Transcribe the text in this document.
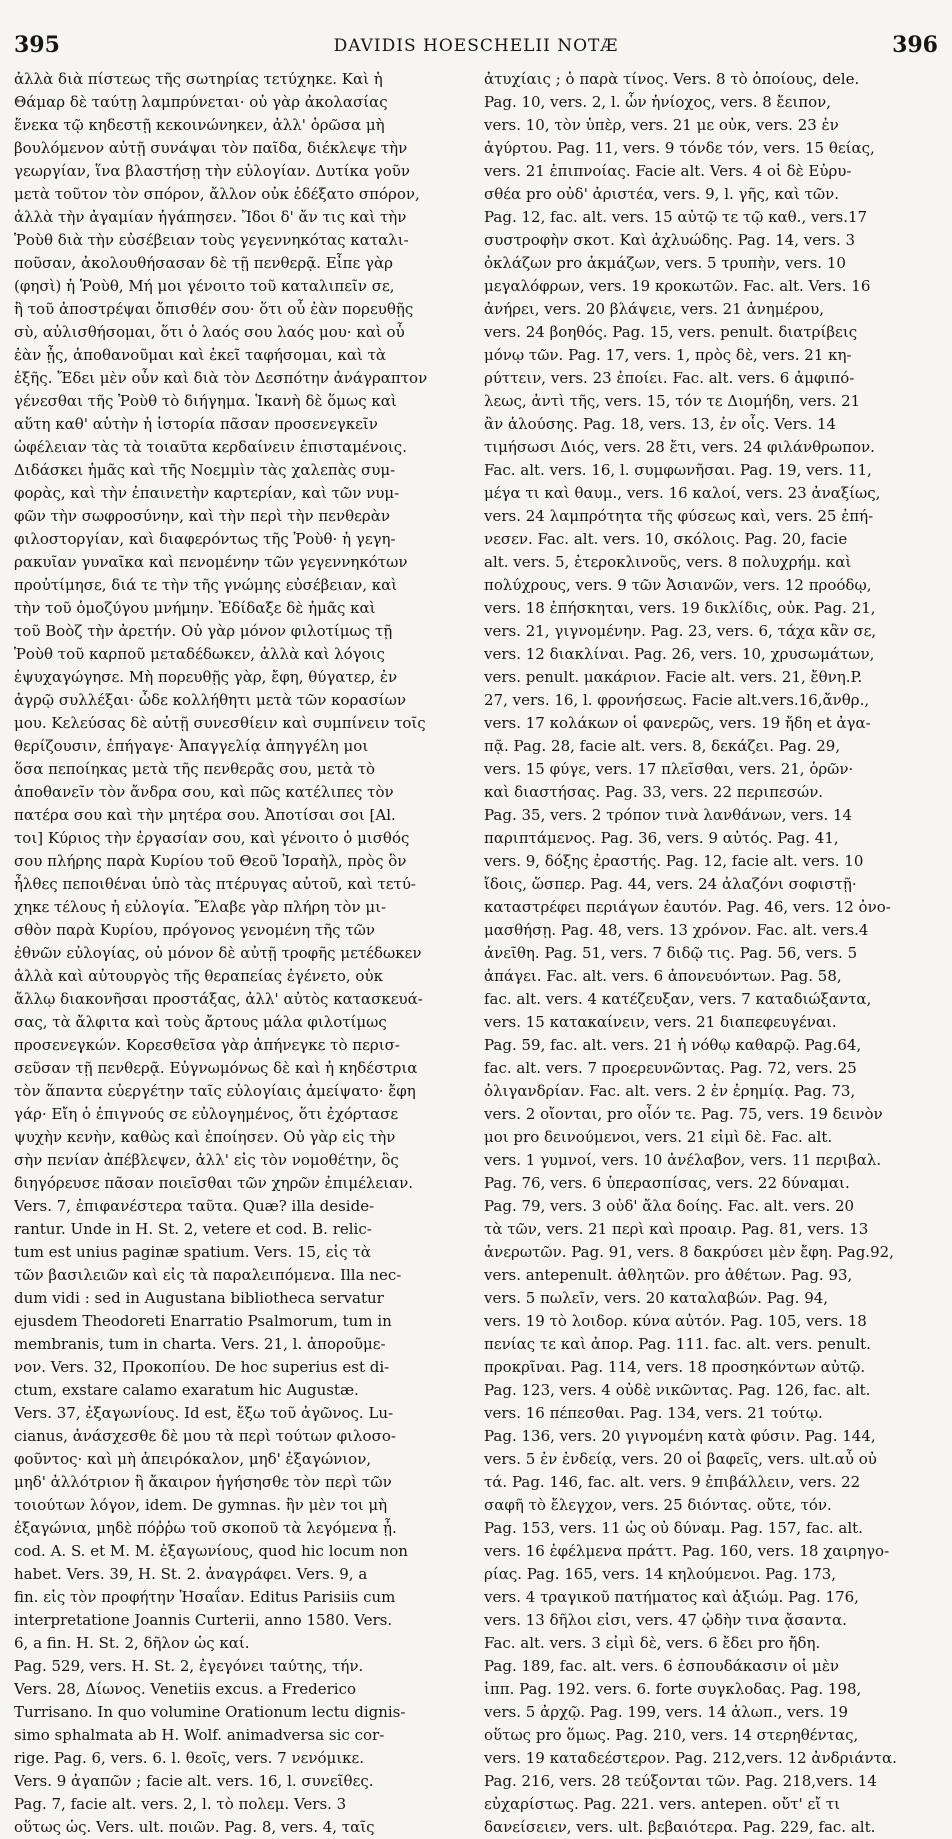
395	DAVIDIS HOESCHELII NOTÆ	396
ἀλλὰ διὰ πίστεως τῆς σωτηρίας τετύχηκε. Καὶ ἡ
Θάμαρ δὲ ταύτῃ λαμπρύνεται· οὐ γὰρ ἀκολασίας
ἕνεκα τῷ κηδεστῇ κεκοινώνηκεν, ἀλλ' ὁρῶσα μὴ
βουλόμενον αὐτῇ συνάψαι τὸν παῖδα, διέκλεψε τὴν
γεωργίαν, ἵνα βλαστήσῃ τὴν εὐλογίαν. Δυτίκα γοῦν
μετὰ τοῦτον τὸν σπόρον, ἄλλον οὐκ ἐδέξατο σπόρον,
ἀλλὰ τὴν ἀγαμίαν ἠγάπησεν. Ἴδοι δ' ἄν τις καὶ τὴν
Ῥοὺθ διὰ τὴν εὐσέβειαν τοὺς γεγεννηκότας καταλι-
ποῦσαν, ἀκολουθήσασαν δὲ τῇ πενθερᾷ. Εἶπε γὰρ
(φησὶ) ἡ Ῥοὺθ, Μή μοι γένοιτο τοῦ καταλιπεῖν σε,
ἢ τοῦ ἀποστρέψαι ὄπισθέν σου· ὅτι οὗ ἐὰν πορευθῇς
σὺ, αὐλισθήσομαι, ὅτι ὁ λαός σου λαός μου· καὶ οὗ
ἐὰν ᾖς, ἀποθανοῦμαι καὶ ἐκεῖ ταφήσομαι, καὶ τὰ
ἑξῆς. Ἔδει μὲν οὖν καὶ διὰ τὸν Δεσπότην ἀνάγραπτον
γένεσθαι τῆς Ῥοὺθ τὸ διήγημα. Ἱκανὴ δὲ ὅμως καὶ
αὕτη καθ' αὑτὴν ἡ ἱστορία πᾶσαν προσενεγκεῖν
ὠφέλειαν τὰς τὰ τοιαῦτα κερδαίνειν ἐπισταμένοις.
Διδάσκει ἡμᾶς καὶ τῆς Νοεμμὶν τὰς χαλεπὰς συμ-
φορὰς, καὶ τὴν ἐπαινετὴν καρτερίαν, καὶ τῶν νυμ-
φῶν τὴν σωφροσύνην, καὶ τὴν περὶ τὴν πενθερὰν
φιλοστοργίαν, καὶ διαφερόντως τῆς Ῥοὺθ· ἡ γεγη-
ρακυῖαν γυναῖκα καὶ πενομένην τῶν γεγεννηκότων
προὐτίμησε, διά τε τὴν τῆς γνώμης εὐσέβειαν, καὶ
τὴν τοῦ ὁμοζύγου μνήμην. Ἐδίδαξε δὲ ἡμᾶς καὶ
τοῦ Βοὸζ τὴν ἀρετήν. Οὐ γὰρ μόνον φιλοτίμως τῇ
Ῥοὺθ τοῦ καρποῦ μεταδέδωκεν, ἀλλὰ καὶ λόγοις
ἐψυχαγώγησε. Μὴ πορευθῇς γὰρ, ἔφη, θύγατερ, ἐν
ἀγρῷ συλλέξαι· ὧδε κολλήθητι μετὰ τῶν κορασίων
μου. Κελεύσας δὲ αὐτῇ συνεσθίειν καὶ συμπίνειν τοῖς
θερίζουσιν, ἐπήγαγε· Ἀπαγγελίᾳ ἀπηγγέλη μοι
ὅσα πεποίηκας μετὰ τῆς πενθερᾶς σου, μετὰ τὸ
ἀποθανεῖν τὸν ἄνδρα σου, καὶ πῶς κατέλιπες τὸν
πατέρα σου καὶ τὴν μητέρα σου. Ἀποτίσαι σοι [Al.
τοι] Κύριος τὴν ἐργασίαν σου, καὶ γένοιτο ὁ μισθός
σου πλήρης παρὰ Κυρίου τοῦ Θεοῦ Ἰσραὴλ, πρὸς ὃν
ἦλθες πεποιθέναι ὑπὸ τὰς πτέρυγας αὐτοῦ, καὶ τετύ-
χηκε τέλους ἡ εὐλογία. Ἔλαβε γὰρ πλήρη τὸν μι-
σθὸν παρὰ Κυρίου, πρόγονος γενομένη τῆς τῶν
ἐθνῶν εὐλογίας, οὐ μόνον δὲ αὐτῇ τροφῆς μετέδωκεν
ἀλλὰ καὶ αὐτουργὸς τῆς θεραπείας ἐγένετο, οὐκ
ἄλλῳ διακονῆσαι προστάξας, ἀλλ' αὐτὸς κατασκευά-
σας, τὰ ἄλφιτα καὶ τοὺς ἄρτους μάλα φιλοτίμως
προσενεγκών. Κορεσθεῖσα γὰρ ἀπήνεγκε τὸ περισ-
σεῦσαν τῇ πενθερᾷ. Εὐγνωμόνως δὲ καὶ ἡ κηδέστρια
τὸν ἅπαντα εὐεργέτην ταῖς εὐλογίαις ἀμείψατο· ἔφη
γάρ· Εἴη ὁ ἐπιγνούς σε εὐλογημένος, ὅτι ἐχόρτασε
ψυχὴν κενὴν, καθὼς καὶ ἐποίησεν. Οὐ γὰρ εἰς τὴν
σὴν πενίαν ἀπέβλεψεν, ἀλλ' εἰς τὸν νομοθέτην, ὃς
διηγόρευσε πᾶσαν ποιεῖσθαι τῶν χηρῶν ἐπιμέλειαν.
Vers. 7, ἐπιφανέστερα ταῦτα. Quæ? illa deside-
rantur. Unde in H. St. 2, vetere et cod. B. relic-
tum est unius paginæ spatium. Vers. 15, εἰς τὰ
τῶν βασιλειῶν καὶ εἰς τὰ παραλειπόμενα. Illa nec-
dum vidi : sed in Augustana bibliotheca servatur
ejusdem Theodoreti Enarratio Psalmorum, tum in
membranis, tum in charta. Vers. 21, l. ἀποροῦμε-
νον. Vers. 32, Προκοπίου. De hoc superius est di-
ctum, exstare calamo exaratum hic Augustæ.
Vers. 37, ἐξαγωνίους. Id est, ἔξω τοῦ ἀγῶνος. Lu-
cianus, ἀνάσχεσθε δὲ μου τὰ περὶ τούτων φιλοσο-
φοῦντος· καὶ μὴ ἀπειρόκαλον, μηδ' ἐξαγώνιον,
μηδ' ἀλλότριον ἢ ἄκαιρον ἡγήσησθε τὸν περὶ τῶν
τοιούτων λόγον, idem. De gymnas. ἣν μὲν τοι μὴ
ἐξαγώνια, μηδὲ πόῤῥω τοῦ σκοποῦ τὰ λεγόμενα ᾖ.
cod. A. S. et M. M. ἐξαγωνίους, quod hic locum non
habet. Vers. 39, H. St. 2. ἀναγράφει. Vers. 9, a
fin. εἰς τὸν προφήτην Ἡσαΐαν. Editus Parisiis cum
interpretatione Joannis Curterii, anno 1580. Vers.
6, a fin. H. St. 2, δῆλον ὡς καί.
Pag. 529, vers. H. St. 2, ἐγεγόνει ταύτης, τήν.
Vers. 28, Δίωνος. Venetiis excus. a Frederico
Turrisano. In quo volumine Orationum lectu dignis-
simo sphalmata ab H. Wolf. animadversa sic cor-
rige. Pag. 6, vers. 6. l. θεοῖς, vers. 7 νενόμικε.
Vers. 9 ἀγαπῶν ; facie alt. vers. 16, l. συνεῖθες.
Pag. 7, facie alt. vers. 2, l. τὸ πολεμ. Vers. 3
οὕτως ὡς. Vers. ult. ποιῶν. Pag. 8, vers. 4, ταῖς
ἀτυχίαις ; ὁ παρὰ τίνος. Vers. 8 τὸ ὁποίους, dele.
Pag. 10, vers. 2, l. ὧν ἡνίοχος, vers. 8 ἔειπον,
vers. 10, τὸν ὑπὲρ, vers. 21 με οὐκ, vers. 23 ἐν
ἀγύρτου. Pag. 11, vers. 9 τόνδε τόν, vers. 15 θείας,
vers. 21 ἐπιπνοίας. Facie alt. Vers. 4 οἱ δὲ Εὐρυ-
σθέα pro οὐδ' ἀριστέα, vers. 9, l. γῆς, καὶ τῶν.
Pag. 12, fac. alt. vers. 15 αὐτῷ τε τῷ καθ., vers.17
συστροφὴν σκοτ. Καὶ ἀχλυώδης. Pag. 14, vers. 3
ὀκλάζων pro ἀκμάζων, vers. 5 τρυπὴν, vers. 10
μεγαλόφρων, vers. 19 κροκωτῶν. Fac. alt. Vers. 16
ἀνήρει, vers. 20 βλάψειε, vers. 21 ἀνημέρου,
vers. 24 βοηθός. Pag. 15, vers. penult. διατρίβεις
μόνῳ τῶν. Pag. 17, vers. 1, πρὸς δὲ, vers. 21 κη-
ρύττειν, vers. 23 ἐποίει. Fac. alt. vers. 6 ἀμφιπό-
λεως, ἀντὶ τῆς, vers. 15, τόν τε Διομήδη, vers. 21
ἂν ἁλούσης. Pag. 18, vers. 13, ἐν οἷς. Vers. 14
τιμήσωσι Διός, vers. 28 ἔτι, vers. 24 φιλάνθρωπον.
Fac. alt. vers. 16, l. συμφωνῆσαι. Pag. 19, vers. 11,
μέγα τι καὶ θαυμ., vers. 16 καλοί, vers. 23 ἀναξίως,
vers. 24 λαμπρότητα τῆς φύσεως καὶ, vers. 25 ἐπή-
νεσεν. Fac. alt. vers. 10, σκόλοις. Pag. 20, facie
alt. vers. 5, ἐτεροκλινοῦς, vers. 8 πολυχρήμ. καὶ
πολύχρους, vers. 9 τῶν Ἀσιανῶν, vers. 12 προόδῳ,
vers. 18 ἐπήσκηται, vers. 19 δικλίδις, οὐκ. Pag. 21,
vers. 21, γιγνομένην. Pag. 23, vers. 6, τάχα κἂν σε,
vers. 12 διακλίναι. Pag. 26, vers. 10, χρυσωμάτων,
vers. penult. μακάριον. Facie alt. vers. 21, ἔθνη.P.
27, vers. 16, l. φρονήσεως. Facie alt.vers.16,ἄνθρ.,
vers. 17 κολάκων οἱ φανερῶς, vers. 19 ἤδη et ἀγα-
πᾷ. Pag. 28, facie alt. vers. 8, δεκάζει. Pag. 29,
vers. 15 φύγε, vers. 17 πλεῖσθαι, vers. 21, ὁρῶν·
καὶ διαστήσας. Pag. 33, vers. 22 περιπεσών.
Pag. 35, vers. 2 τρόπον τινὰ λανθάνων, vers. 14
παριπτάμενος. Pag. 36, vers. 9 αὐτός. Pag. 41,
vers. 9, δόξης ἐραστής. Pag. 12, facie alt. vers. 10
ἴδοις, ὥσπερ. Pag. 44, vers. 24 ἀλαζόνι σοφιστῇ·
καταστρέφει περιάγων ἑαυτόν. Pag. 46, vers. 12 ὀνο-
μασθήσῃ. Pag. 48, vers. 13 χρόνον. Fac. alt. vers.4
ἀνεῖθη. Pag. 51, vers. 7 διδῷ τις. Pag. 56, vers. 5
ἀπάγει. Fac. alt. vers. 6 ἀπονευόντων. Pag. 58,
fac. alt. vers. 4 κατέζευξαν, vers. 7 καταδιώξαντα,
vers. 15 κατακαίνειν, vers. 21 διαπεφευγέναι.
Pag. 59, fac. alt. vers. 21 ἡ νόθῳ καθαρῷ. Pag.64,
fac. alt. vers. 7 προερευνῶντας. Pag. 72, vers. 25
ὀλιγανδρίαν. Fac. alt. vers. 2 ἐν ἐρημίᾳ. Pag. 73,
vers. 2 οἴονται, pro οἶόν τε. Pag. 75, vers. 19 δεινὸν
μοι pro δεινούμενοι, vers. 21 εἰμὶ δὲ. Fac. alt.
vers. 1 γυμνοί, vers. 10 ἀνέλαβον, vers. 11 περιβαλ.
Pag. 76, vers. 6 ὑπερασπίσας, vers. 22 δύναμαι.
Pag. 79, vers. 3 οὐδ' ἄλα δοίης. Fac. alt. vers. 20
τὰ τῶν, vers. 21 περὶ καὶ προαιρ. Pag. 81, vers. 13
ἀνερωτῶν. Pag. 91, vers. 8 δακρύσει μὲν ἔφη. Pag.92,
vers. antepenult. ἀθλητῶν. pro ἀθέτων. Pag. 93,
vers. 5 πωλεῖν, vers. 20 καταλαβών. Pag. 94,
vers. 19 τὸ λοιδορ. κύνα αὐτόν. Pag. 105, vers. 18
πενίας τε καὶ ἀπορ. Pag. 111. fac. alt. vers. penult.
προκρῖναι. Pag. 114, vers. 18 προσηκόντων αὐτῷ.
Pag. 123, vers. 4 οὐδὲ νικῶντας. Pag. 126, fac. alt.
vers. 16 πέπεσθαι. Pag. 134, vers. 21 τούτῳ.
Pag. 136, vers. 20 γιγνομένη κατὰ φύσιν. Pag. 144,
vers. 5 ἐν ἐνδείᾳ, vers. 20 οἱ βαφεῖς, vers. ult.αὖ οὐ
τά. Pag. 146, fac. alt. vers. 9 ἐπιβάλλειν, vers. 22
σαφῆ τὸ ἔλεγχον, vers. 25 διόντας. οὔτε, τόν.
Pag. 153, vers. 11 ὡς οὐ δύναμ. Pag. 157, fac. alt.
vers. 16 ἐφέλμενα πράττ. Pag. 160, vers. 18 χαιρηγο-
ρίας. Pag. 165, vers. 14 κηλούμενοι. Pag. 173,
vers. 4 τραγικοῦ πατήματος καὶ ἀξιώμ. Pag. 176,
vers. 13 δῆλοι εἰσι, vers. 47 ᾠδὴν τινα ᾄσαντα.
Fac. alt. vers. 3 εἰμὶ δὲ, vers. 6 ἔδει pro ἤδη.
Pag. 189, fac. alt. vers. 6 ἐσπουδάκασιν οἱ μὲν
ἱππ. Pag. 192. vers. 6. forte συγκλοδας. Pag. 198,
vers. 5 ἀρχῷ. Pag. 199, vers. 14 ἀλωπ., vers. 19
οὕτως pro ὅμως. Pag. 210, vers. 14 στερηθέντας,
vers. 19 καταδεέστερον. Pag. 212,vers. 12 ἀνδριάντα.
Pag. 216, vers. 28 τεύξονται τῶν. Pag. 218,vers. 14
εὐχαρίστως. Pag. 221. vers. antepen. οὔτ' εἴ τι
δανείσειεν, vers. ult. βεβαιότερα. Pag. 229, fac. alt.
